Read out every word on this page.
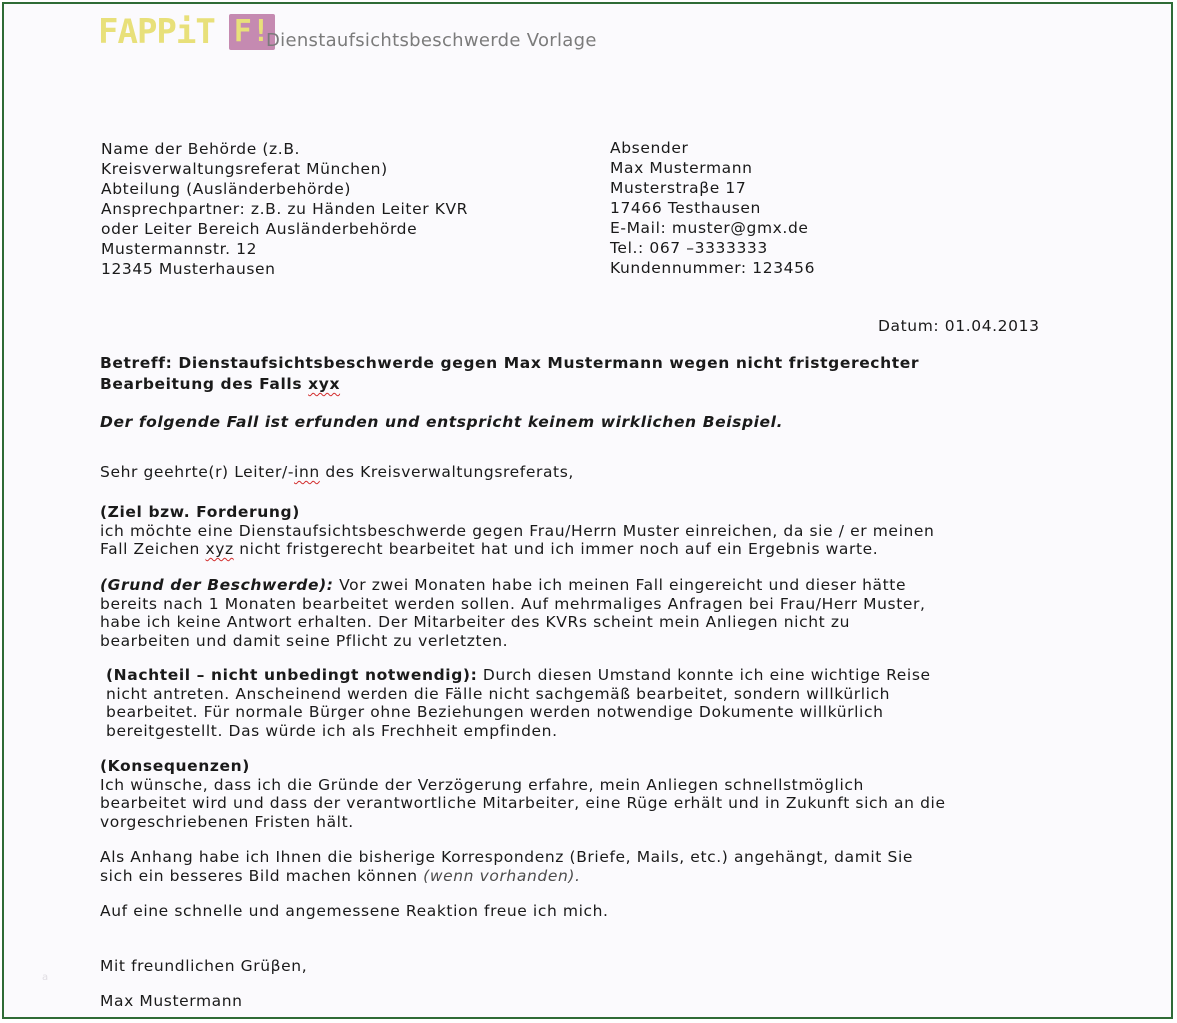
FAPPiT F!
Dienstaufsichtsbeschwerde Vorlage
Name der Behörde (z.B.
Kreisverwaltungsreferat München)
Abteilung (Ausländerbehörde)
Ansprechpartner: z.B. zu Händen Leiter KVR
oder Leiter Bereich Ausländerbehörde
Mustermannstr. 12
12345 Musterhausen
Absender
Max Mustermann
Musterstraβe 17
17466 Testhausen
E-Mail: muster@gmx.de
Tel.: 067 –3333333
Kundennummer: 123456
Datum: 01.04.2013
Betreff: Dienstaufsichtsbeschwerde gegen Max Mustermann wegen nicht fristgerechter
Bearbeitung des Falls xyx
Der folgende Fall ist erfunden und entspricht keinem wirklichen Beispiel.
Sehr geehrte(r) Leiter/-inn des Kreisverwaltungsreferats,
(Ziel bzw. Forderung)
ich möchte eine Dienstaufsichtsbeschwerde gegen Frau/Herrn Muster einreichen, da sie / er meinen
Fall Zeichen xyz nicht fristgerecht bearbeitet hat und ich immer noch auf ein Ergebnis warte.
(Grund der Beschwerde): Vor zwei Monaten habe ich meinen Fall eingereicht und dieser hätte
bereits nach 1 Monaten bearbeitet werden sollen. Auf mehrmaliges Anfragen bei Frau/Herr Muster,
habe ich keine Antwort erhalten. Der Mitarbeiter des KVRs scheint mein Anliegen nicht zu
bearbeiten und damit seine Pflicht zu verletzten.
(Nachteil – nicht unbedingt notwendig): Durch diesen Umstand konnte ich eine wichtige Reise
nicht antreten. Anscheinend werden die Fälle nicht sachgemäß bearbeitet, sondern willkürlich
bearbeitet. Für normale Bürger ohne Beziehungen werden notwendige Dokumente willkürlich
bereitgestellt. Das würde ich als Frechheit empfinden.
(Konsequenzen)
Ich wünsche, dass ich die Gründe der Verzögerung erfahre, mein Anliegen schnellstmöglich
bearbeitet wird und dass der verantwortliche Mitarbeiter, eine Rüge erhält und in Zukunft sich an die
vorgeschriebenen Fristen hält.
Als Anhang habe ich Ihnen die bisherige Korrespondenz (Briefe, Mails, etc.) angehängt, damit Sie
sich ein besseres Bild machen können (wenn vorhanden).
Auf eine schnelle und angemessene Reaktion freue ich mich.
Mit freundlichen Grüβen,
Max Mustermann
a
